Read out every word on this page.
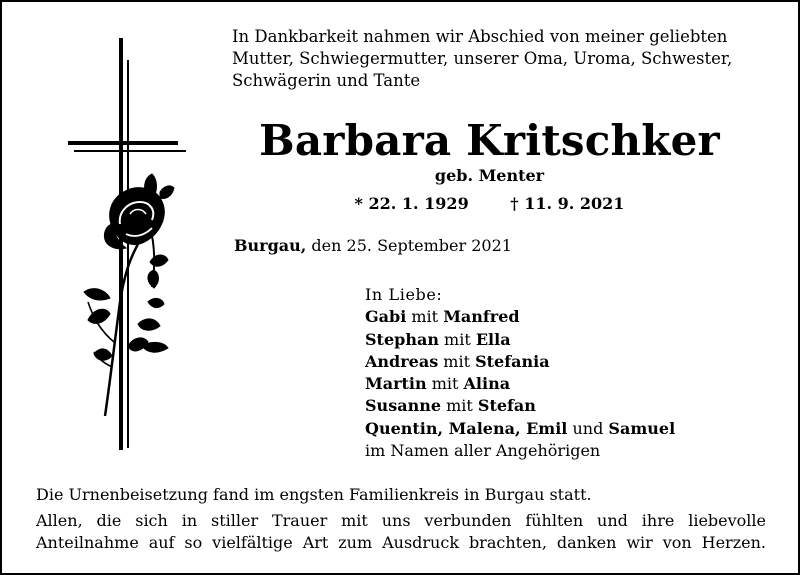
In Dankbarkeit nahmen wir Abschied von meiner geliebten
Mutter, Schwiegermutter, unserer Oma, Uroma, Schwester,
Schwägerin und Tante
Barbara Kritschker
geb. Menter
* 22. 1. 1929	† 11. 9. 2021
Burgau, den 25. September 2021
In Liebe:
Gabi mit Manfred
Stephan mit Ella
Andreas mit Stefania
Martin mit Alina
Susanne mit Stefan
Quentin, Malena, Emil und Samuel
im Namen aller Angehörigen
Die Urnenbeisetzung fand im engsten Familienkreis in Burgau statt.
Allen, die sich in stiller Trauer mit uns verbunden fühlten und ihre liebevolle
Anteilnahme auf so vielfältige Art zum Ausdruck brachten, danken wir von Herzen.
